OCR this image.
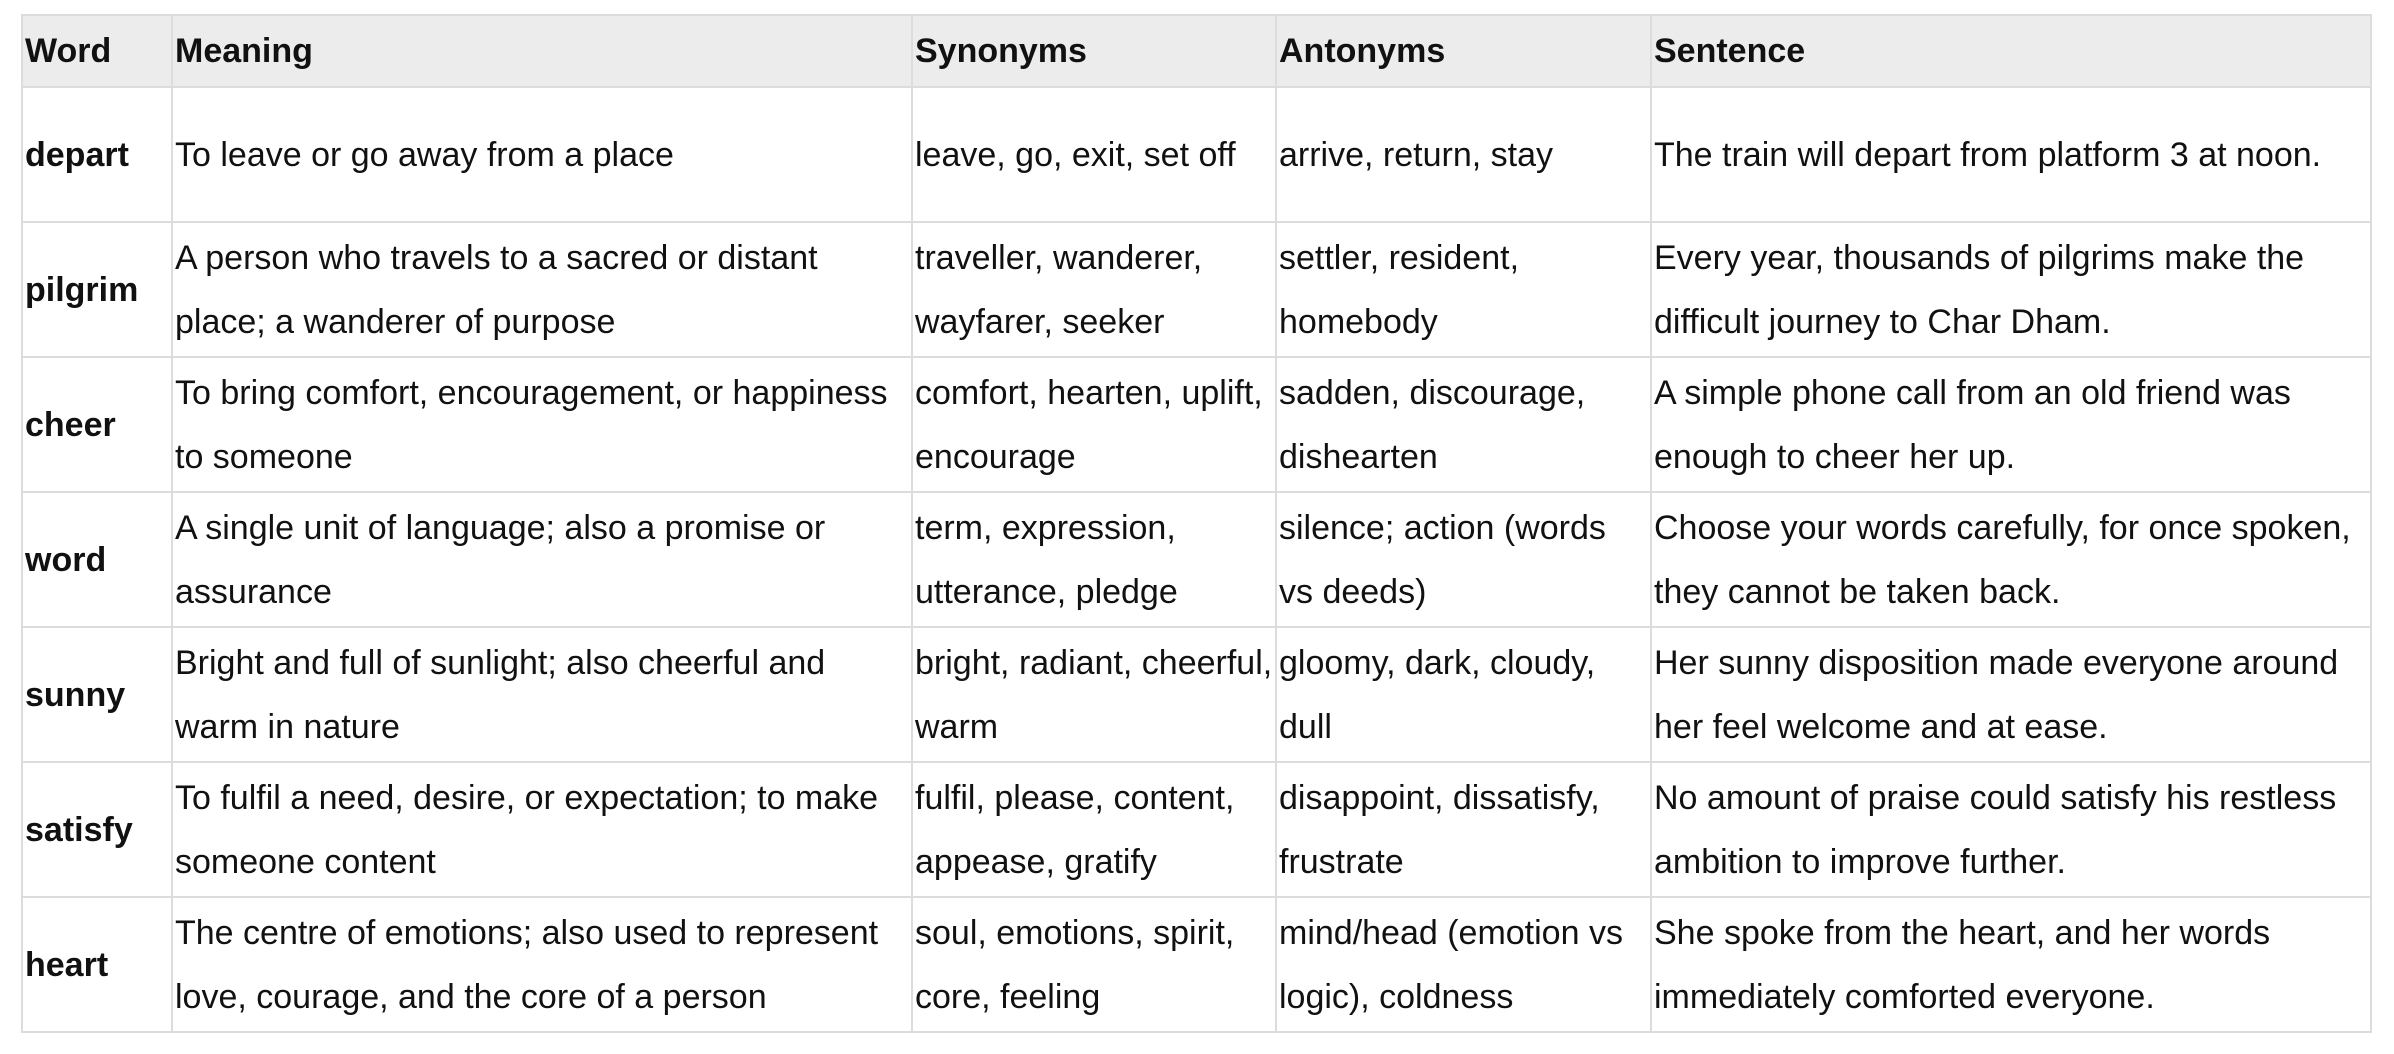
Word	Meaning	Synonyms	Antonyms	Sentence
depart	To leave or go away from a place	leave, go, exit, set off	arrive, return, stay	The train will depart from platform 3 at noon.
pilgrim	A person who travels to a sacred or distant place; a wanderer of purpose	traveller, wanderer, wayfarer, seeker	settler, resident, homebody	Every year, thousands of pilgrims make the difficult journey to Char Dham.
cheer	To bring comfort, encouragement, or happiness to someone	comfort, hearten, uplift, encourage	sadden, discourage, dishearten	A simple phone call from an old friend was enough to cheer her up.
word	A single unit of language; also a promise or assurance	term, expression, utterance, pledge	silence; action (words vs deeds)	Choose your words carefully, for once spoken, they cannot be taken back.
sunny	Bright and full of sunlight; also cheerful and warm in nature	bright, radiant, cheerful, warm	gloomy, dark, cloudy, dull	Her sunny disposition made everyone around her feel welcome and at ease.
satisfy	To fulfil a need, desire, or expectation; to make someone content	fulfil, please, content, appease, gratify	disappoint, dissatisfy, frustrate	No amount of praise could satisfy his restless ambition to improve further.
heart	The centre of emotions; also used to represent love, courage, and the core of a person	soul, emotions, spirit, core, feeling	mind/head (emotion vs logic), coldness	She spoke from the heart, and her words immediately comforted everyone.
